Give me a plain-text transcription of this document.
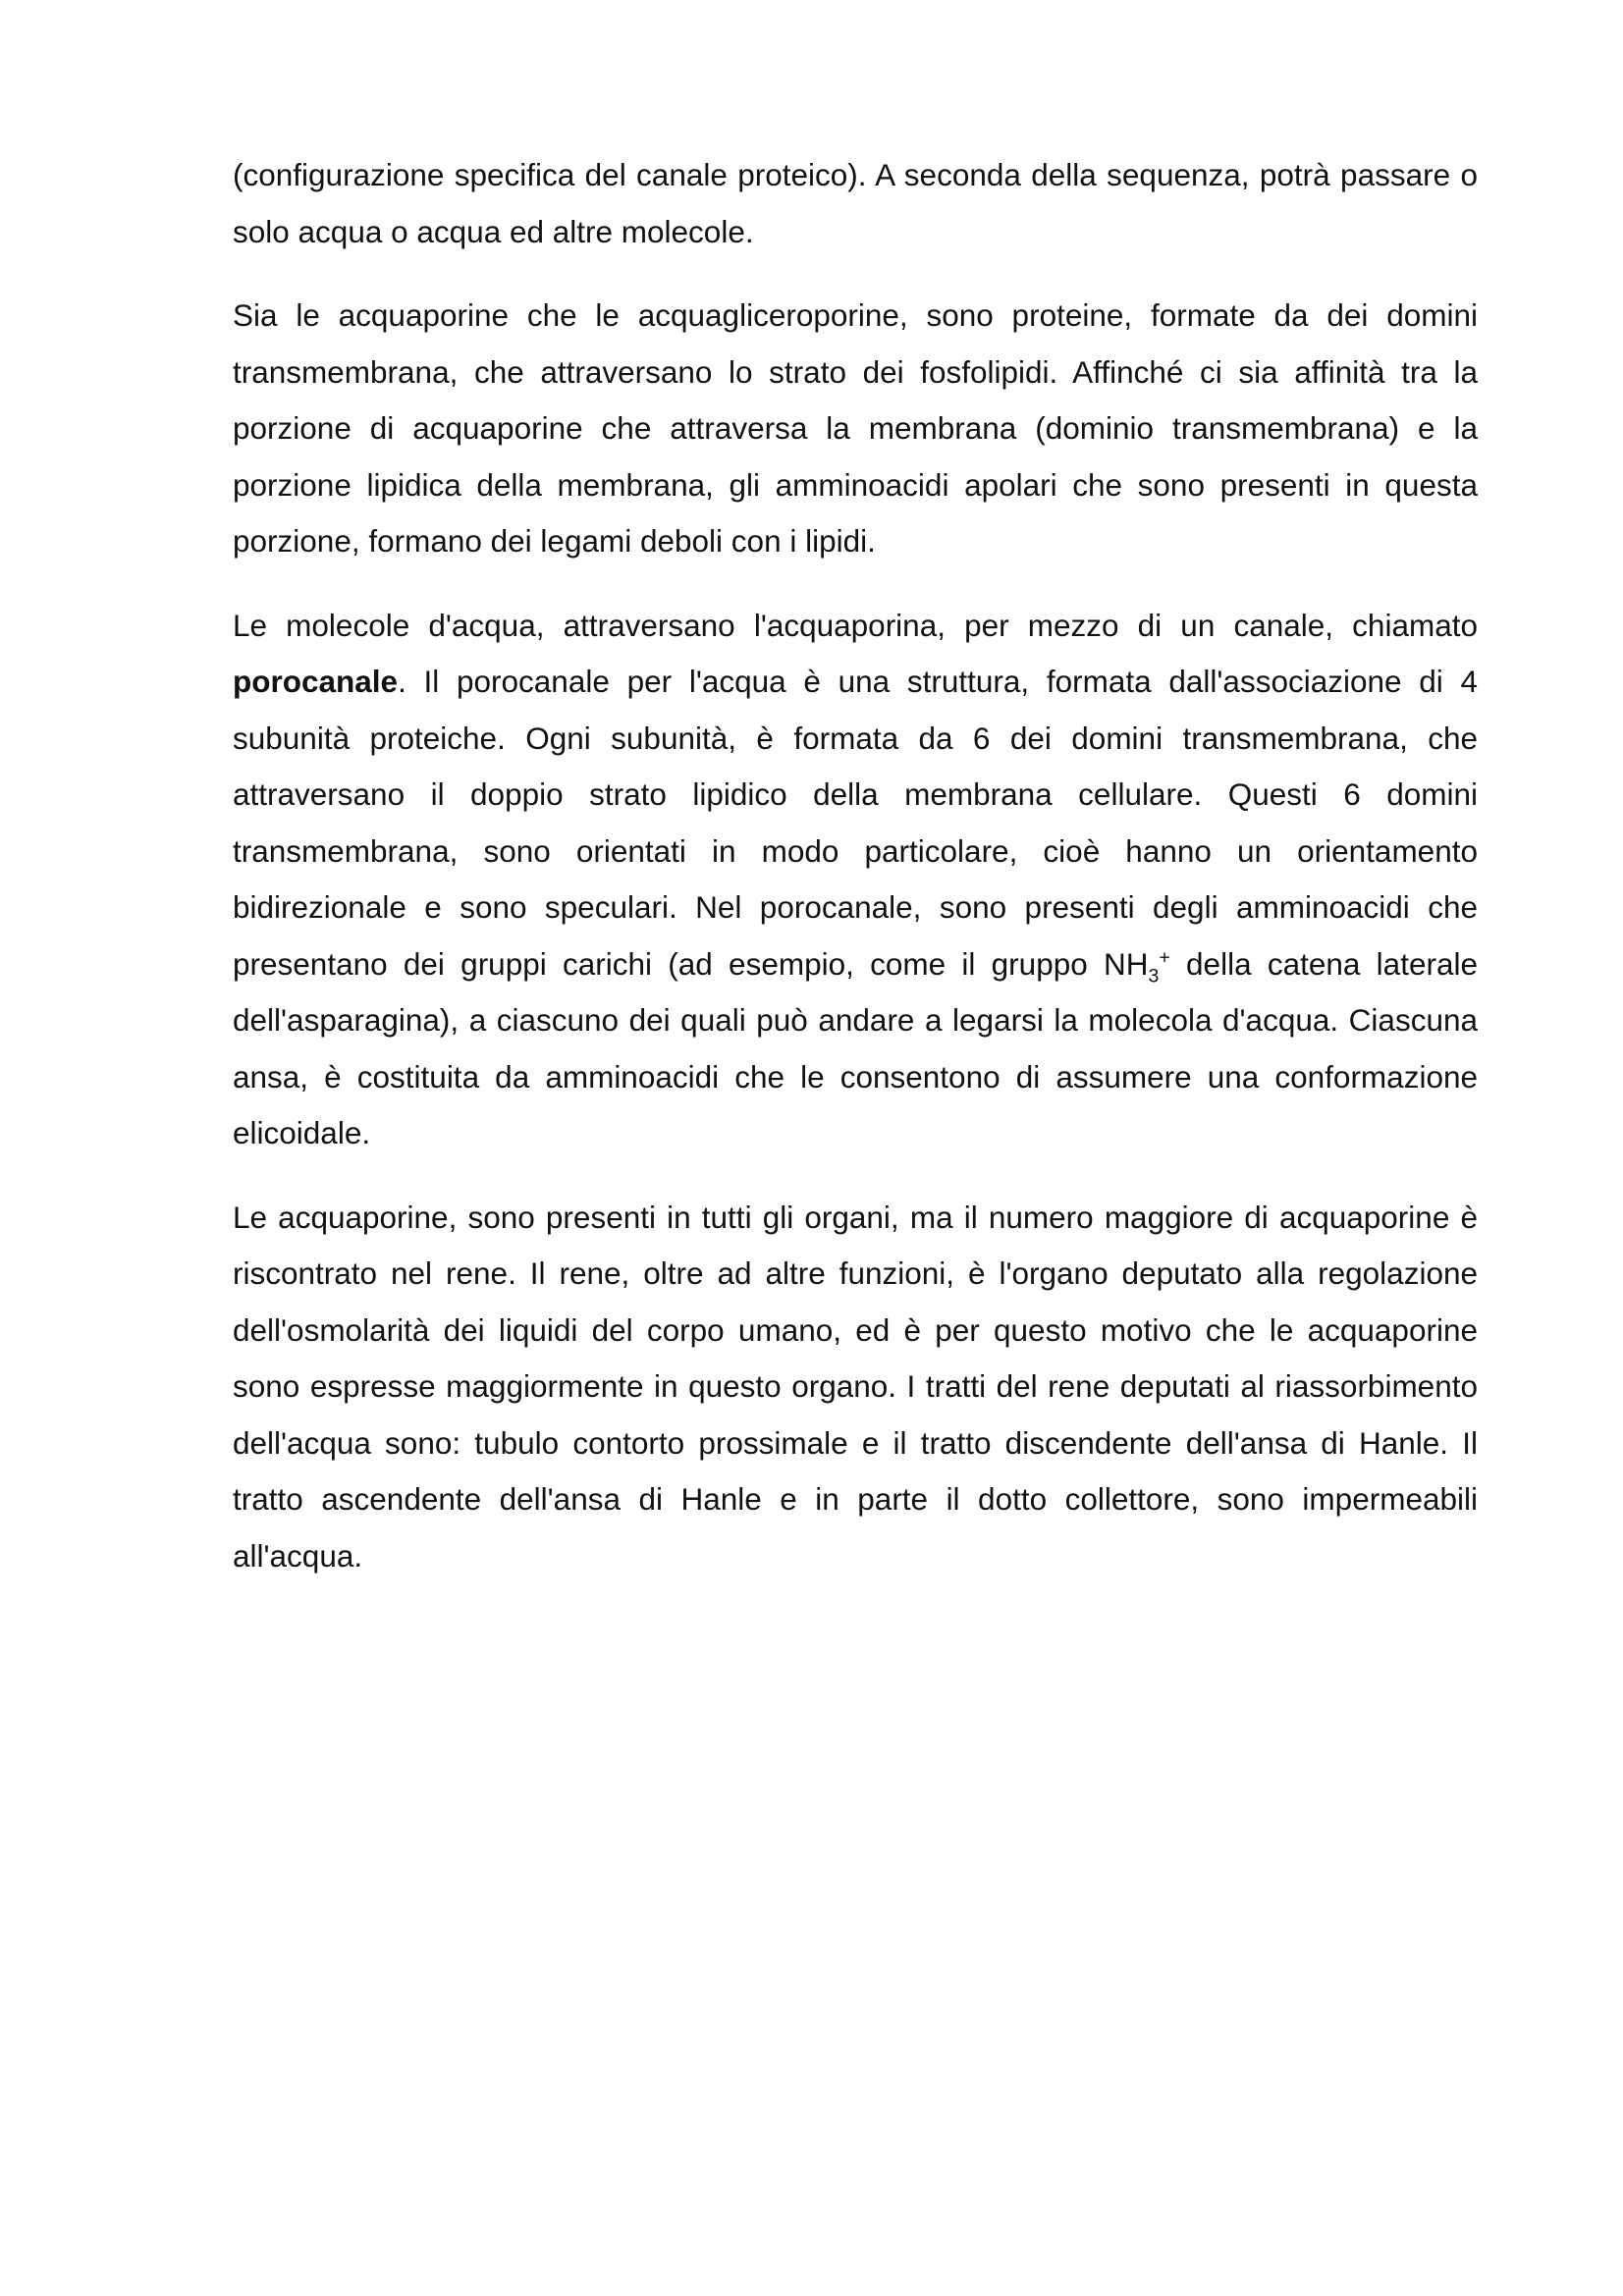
(configurazione specifica del canale proteico). A seconda della sequenza, potrà passare o solo acqua o acqua ed altre molecole.

Sia le acquaporine che le acquagliceroporine, sono proteine, formate da dei domini transmembrana, che attraversano lo strato dei fosfolipidi. Affinché ci sia affinità tra la porzione di acquaporine che attraversa la membrana (dominio transmembrana) e la porzione lipidica della membrana, gli amminoacidi apolari che sono presenti in questa porzione, formano dei legami deboli con i lipidi.

Le molecole d'acqua, attraversano l'acquaporina, per mezzo di un canale, chiamato porocanale. Il porocanale per l'acqua è una struttura, formata dall'associazione di 4 subunità proteiche. Ogni subunità, è formata da 6 dei domini transmembrana, che attraversano il doppio strato lipidico della membrana cellulare. Questi 6 domini transmembrana, sono orientati in modo particolare, cioè hanno un orientamento bidirezionale e sono speculari. Nel porocanale, sono presenti degli amminoacidi che presentano dei gruppi carichi (ad esempio, come il gruppo $NH_3^+$ della catena laterale dell'asparagina), a ciascuno dei quali può andare a legarsi la molecola d'acqua. Ciascuna ansa, è costituita da amminoacidi che le consentono di assumere una conformazione elicoidale.

Le acquaporine, sono presenti in tutti gli organi, ma il numero maggiore di acquaporine è riscontrato nel rene. Il rene, oltre ad altre funzioni, è l'organo deputato alla regolazione dell'osmolarità dei liquidi del corpo umano, ed è per questo motivo che le acquaporine sono espresse maggiormente in questo organo. I tratti del rene deputati al riassorbimento dell'acqua sono: tubulo contorto prossimale e il tratto discendente dell'ansa di Hanle. Il tratto ascendente dell'ansa di Hanle e in parte il dotto collettore, sono impermeabili all'acqua.
